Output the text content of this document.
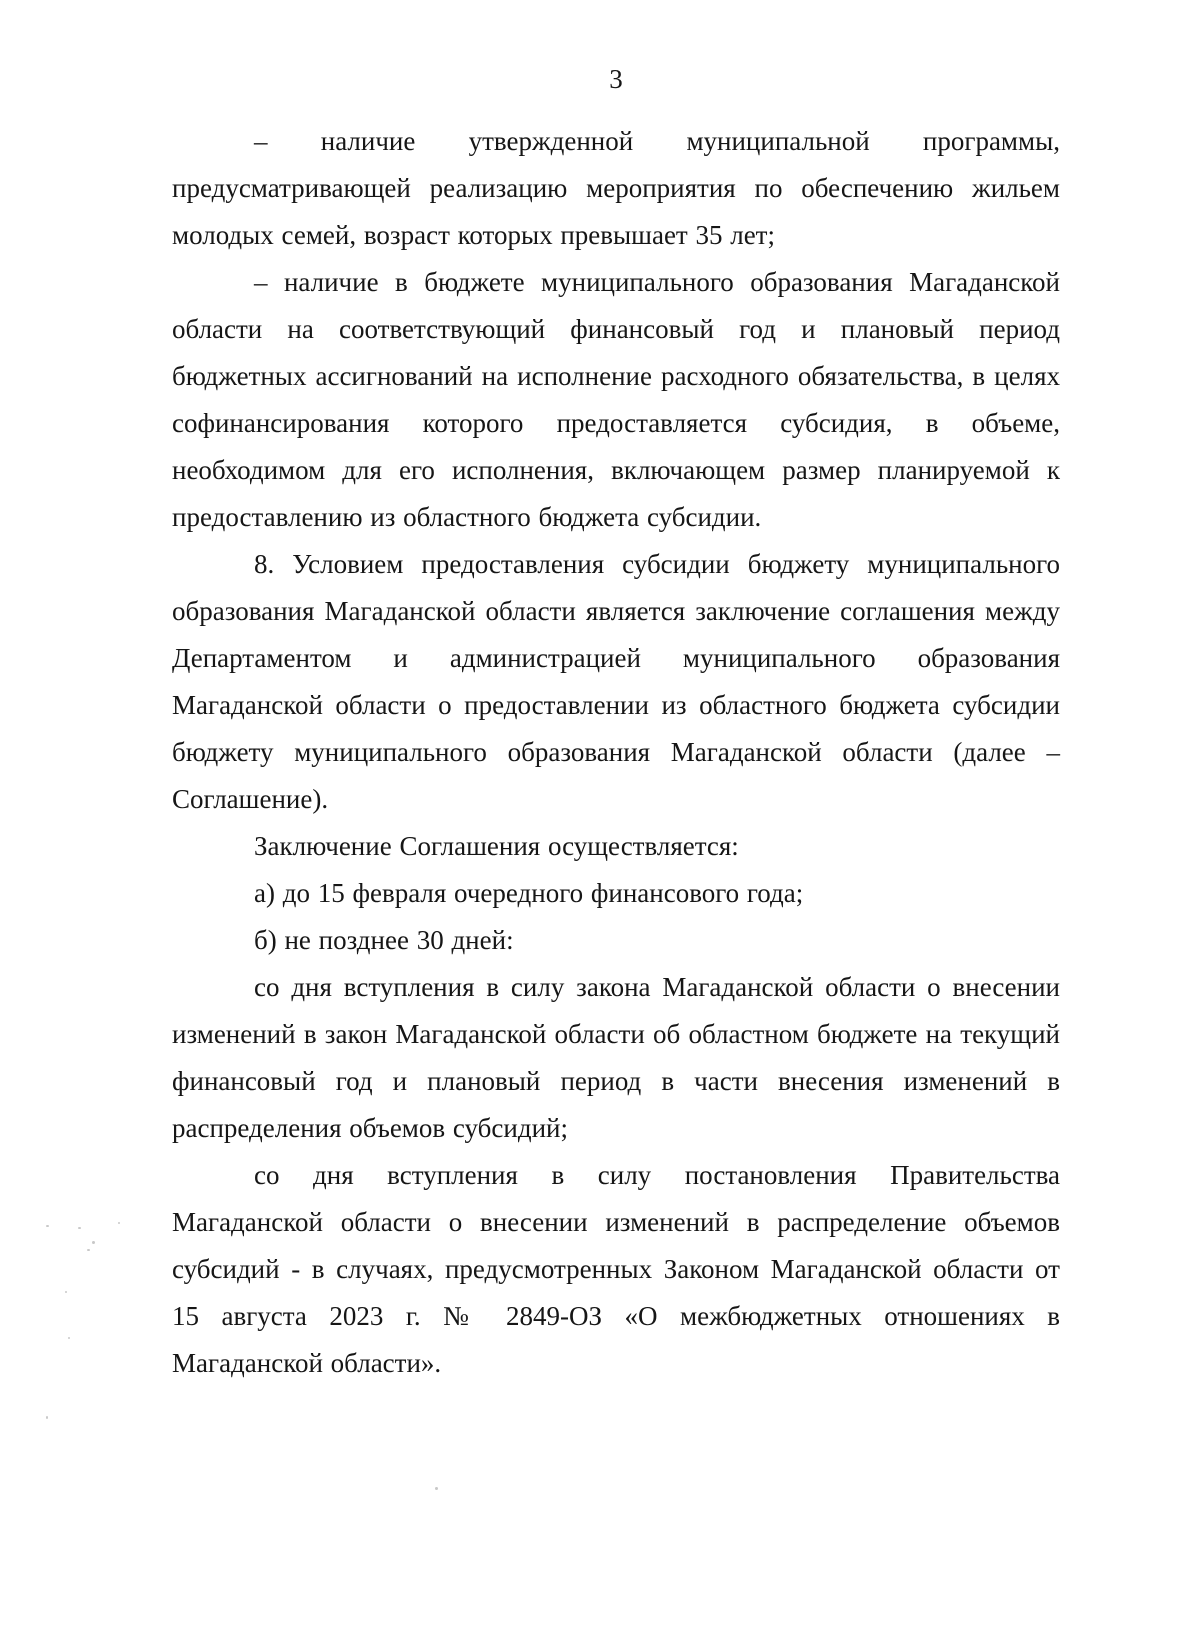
3

– наличие утвержденной муниципальной программы, предусматривающей реализацию мероприятия по обеспечению жильем молодых семей, возраст которых превышает 35 лет;

– наличие в бюджете муниципального образования Магаданской области на соответствующий финансовый год и плановый период бюджетных ассигнований на исполнение расходного обязательства, в целях софинансирования которого предоставляется субсидия, в объеме, необходимом для его исполнения, включающем размер планируемой к предоставлению из областного бюджета субсидии.

8. Условием предоставления субсидии бюджету муниципального образования Магаданской области является заключение соглашения между Департаментом и администрацией муниципального образования Магаданской области о предоставлении из областного бюджета субсидии бюджету муниципального образования Магаданской области (далее – Соглашение).

Заключение Соглашения осуществляется:

а) до 15 февраля очередного финансового года;

б) не позднее 30 дней:

со дня вступления в силу закона Магаданской области о внесении изменений в закон Магаданской области об областном бюджете на текущий финансовый год и плановый период в части внесения изменений в распределения объемов субсидий;

со дня вступления в силу постановления Правительства Магаданской области о внесении изменений в распределение объемов субсидий - в случаях, предусмотренных Законом Магаданской области от 15 августа 2023 г. № 2849-ОЗ «О межбюджетных отношениях в Магаданской области».
